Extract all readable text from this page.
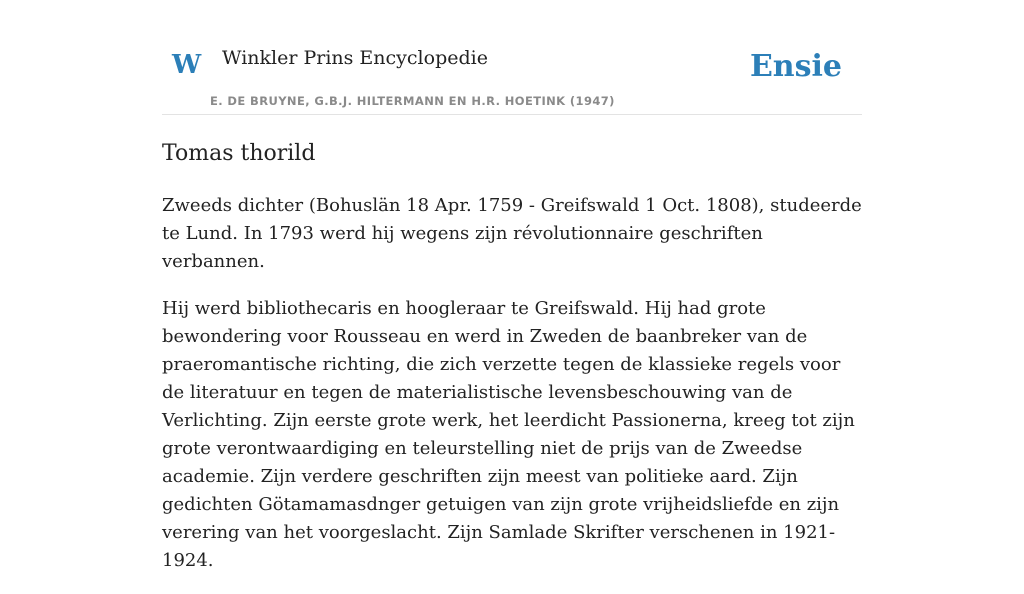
W Winkler Prins Encyclopedie
E. DE BRUYNE, G.B.J. HILTERMANN EN H.R. HOETINK (1947)
Ensie
Tomas thorild

Zweeds dichter (Bohuslän 18 Apr. 1759 - Greifswald 1 Oct. 1808), studeerde te Lund. In 1793 werd hij wegens zijn révolutionnaire geschriften verbannen.

Hij werd bibliothecaris en hoogleraar te Greifswald. Hij had grote bewondering voor Rousseau en werd in Zweden de baanbreker van de praeromantische richting, die zich verzette tegen de klassieke regels voor de literatuur en tegen de materialistische levensbeschouwing van de Verlichting. Zijn eerste grote werk, het leerdicht Passionerna, kreeg tot zijn grote verontwaardiging en teleurstelling niet de prijs van de Zweedse academie. Zijn verdere geschriften zijn meest van politieke aard. Zijn gedichten Götamamasdnger getuigen van zijn grote vrijheidsliefde en zijn verering van het voorgeslacht. Zijn Samlade Skrifter verschenen in 1921-1924.
